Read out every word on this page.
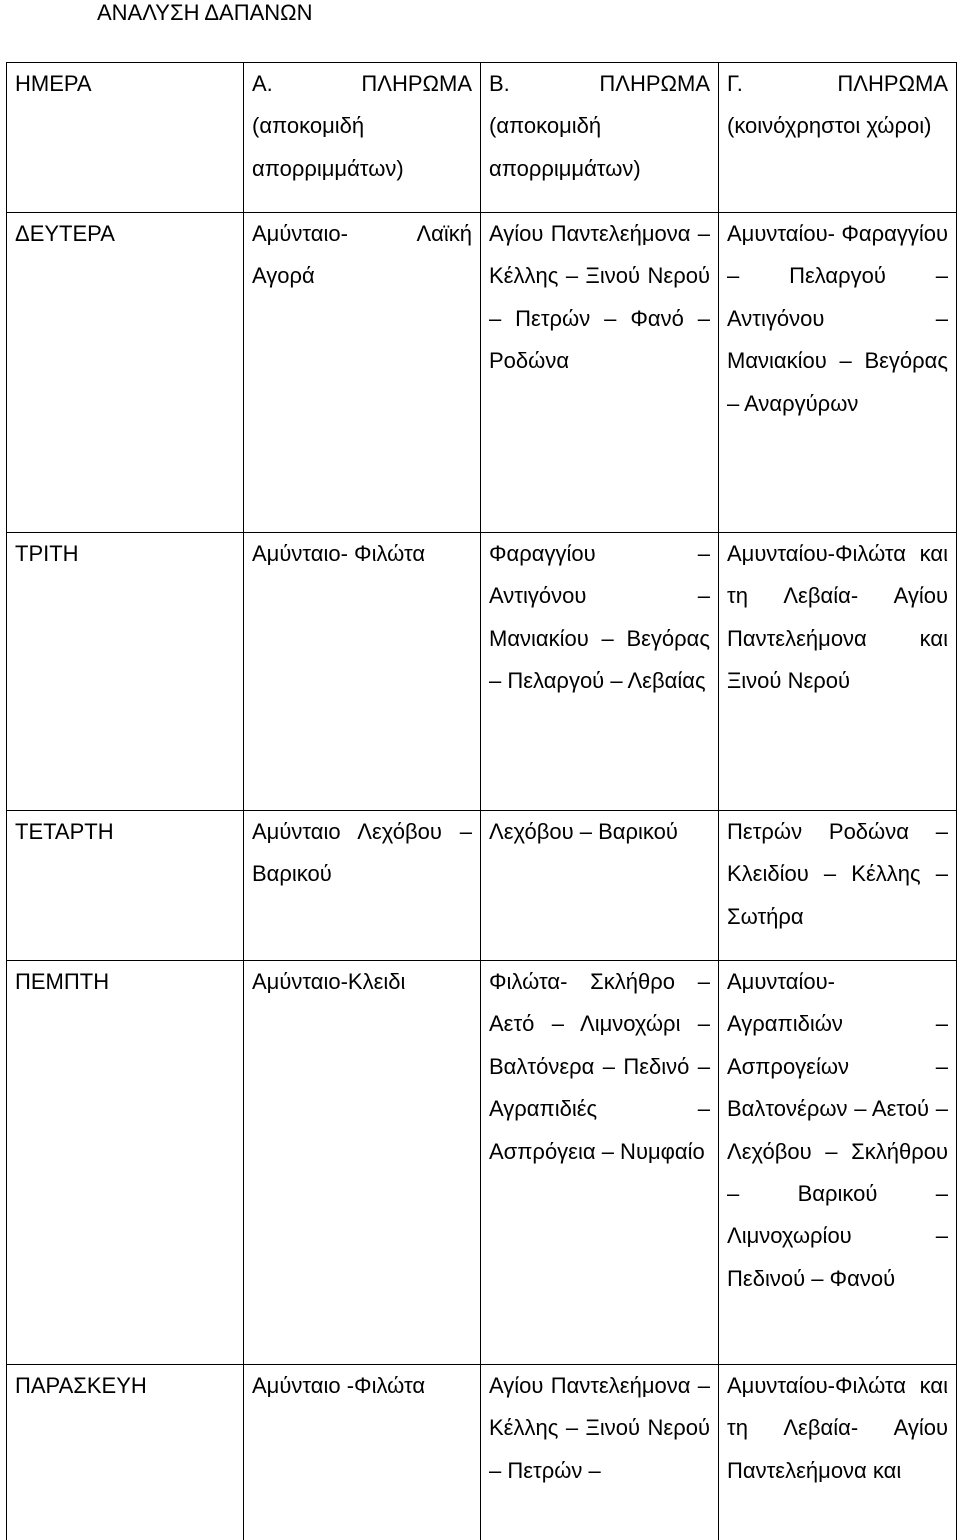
ΑΝΑΛΥΣΗ ΔΑΠΑΝΩΝ
ΗΜΕΡΑ	Α. ΠΛΗΡΩΜΑ (αποκομιδή απορριμμάτων)	Β. ΠΛΗΡΩΜΑ (αποκομιδή απορριμμάτων)	Γ. ΠΛΗΡΩΜΑ (κοινόχρηστοι χώροι)

ΔΕΥΤΕΡΑ	Αμύνταιο- Λαϊκή Αγορά	Αγίου Παντελεήμονα – Κέλλης – Ξινού Νερού – Πετρών – Φανό – Ροδώνα	Αμυνταίου- Φαραγγίου – Πελαργού – Αντιγόνου – Μανιακίου – Βεγόρας – Αναργύρων

ΤΡΙΤΗ	Αμύνταιο- Φιλώτα	Φαραγγίου – Αντιγόνου – Μανιακίου – Βεγόρας – Πελαργού – Λεβαίας	Αμυνταίου-Φιλώτα και τη Λεβαία- Αγίου Παντελεήμονα και Ξινού Νερού

ΤΕΤΑΡΤΗ	Αμύνταιο Λεχόβου – Βαρικού	Λεχόβου – Βαρικού	Πετρών Ροδώνα – Κλειδίου – Κέλλης – Σωτήρα

ΠΕΜΠΤΗ	Αμύνταιο-Κλειδι	Φιλώτα- Σκλήθρο – Αετό – Λιμνοχώρι – Βαλτόνερα – Πεδινό – Αγραπιδιές – Ασπρόγεια – Νυμφαίο	Αμυνταίου- Αγραπιδιών – Ασπρογείων – Βαλτονέρων – Αετού – Λεχόβου – Σκλήθρου – Βαρικού – Λιμνοχωρίου – Πεδινού – Φανού

ΠΑΡΑΣΚΕΥΗ	Αμύνταιο -Φιλώτα	Αγίου Παντελεήμονα – Κέλλης – Ξινού Νερού – Πετρών –	Αμυνταίου-Φιλώτα και τη Λεβαία- Αγίου Παντελεήμονα και
